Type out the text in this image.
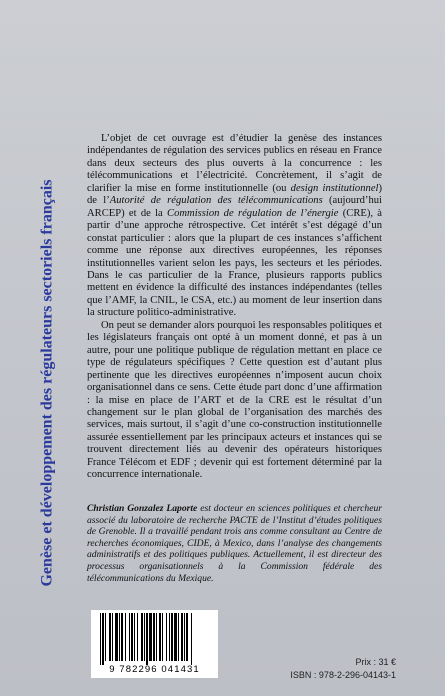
Genèse et développement des régulateurs sectoriels français

L’objet de cet ouvrage est d’étudier la genèse des instances indépendantes de régulation des services publics en réseau en France dans deux secteurs des plus ouverts à la concurrence : les télécommunications et l’électricité. Concrètement, il s’agit de clarifier la mise en forme institutionnelle (ou design institutionnel) de l’Autorité de régulation des télécommunications (aujourd’hui ARCEP) et de la Commission de régulation de l’énergie (CRE), à partir d’une approche rétrospective. Cet intérêt s’est dégagé d’un constat particulier : alors que la plupart de ces instances s’affichent comme une réponse aux directives européennes, les réponses institutionnelles varient selon les pays, les secteurs et les périodes. Dans le cas particulier de la France, plusieurs rapports publics mettent en évidence la difficulté des instances indépendantes (telles que l’AMF, la CNIL, le CSA, etc.) au moment de leur insertion dans la structure politico-administrative.

On peut se demander alors pourquoi les responsables politiques et les législateurs français ont opté à un moment donné, et pas à un autre, pour une politique publique de régulation mettant en place ce type de régulateurs spécifiques ? Cette question est d’autant plus pertinente que les directives européennes n’imposent aucun choix organisationnel dans ce sens. Cette étude part donc d’une affirmation : la mise en place de l’ART et de la CRE est le résultat d’un changement sur le plan global de l’organisation des marchés des services, mais surtout, il s’agit d’une co-construction institutionnelle assurée essentiellement par les principaux acteurs et instances qui se trouvent directement liés au devenir des opérateurs historiques France Télécom et EDF ; devenir qui est fortement déterminé par la concurrence internationale.

Christian Gonzalez Laporte est docteur en sciences politiques et chercheur associé du laboratoire de recherche PACTE de l’Institut d’études politiques de Grenoble. Il a travaillé pendant trois ans comme consultant au Centre de recherches économiques, CIDE, à Mexico, dans l’analyse des changements administratifs et des politiques publiques. Actuellement, il est directeur des processus organisationnels à la Commission fédérale des télécommunications du Mexique.
9 782296 041431
Prix : 31 €
ISBN : 978-2-296-04143-1
